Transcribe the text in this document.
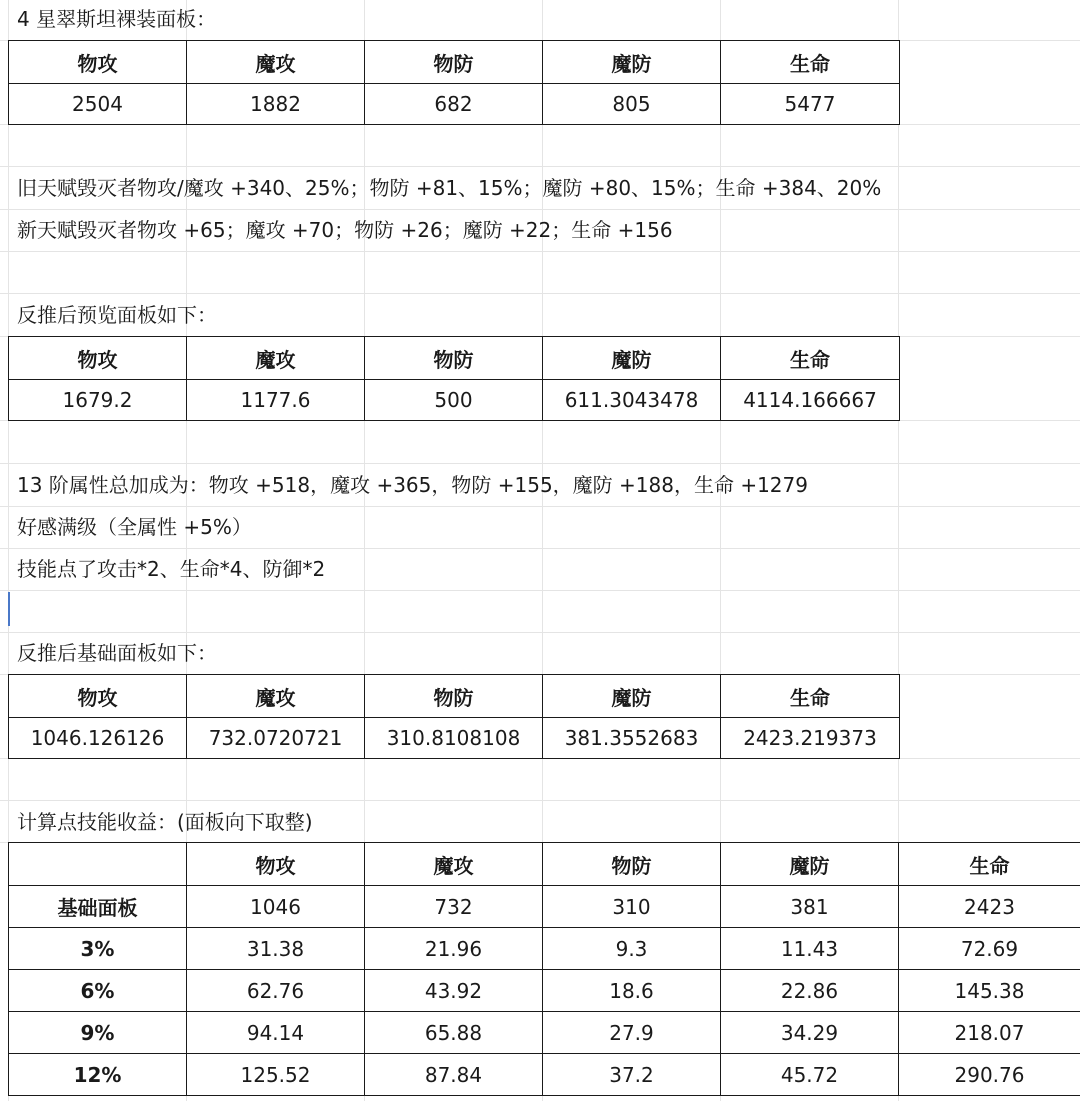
4 星翠斯坦裸装面板：
物攻	魔攻	物防	魔防	生命
2504	1882	682	805	5477
旧天赋毁灭者物攻/魔攻 +340、25%；物防 +81、15%；魔防 +80、15%；生命 +384、20%
新天赋毁灭者物攻 +65；魔攻 +70；物防 +26；魔防 +22；生命 +156
反推后预览面板如下：
物攻	魔攻	物防	魔防	生命
1679.2	1177.6	500	611.3043478	4114.166667
13 阶属性总加成为：物攻 +518，魔攻 +365，物防 +155，魔防 +188，生命 +1279
好感满级（全属性 +5%）
技能点了攻击*2、生命*4、防御*2
反推后基础面板如下：
物攻	魔攻	物防	魔防	生命
1046.126126	732.0720721	310.8108108	381.3552683	2423.219373
计算点技能收益：(面板向下取整)
	物攻	魔攻	物防	魔防	生命
基础面板	1046	732	310	381	2423
3%	31.38	21.96	9.3	11.43	72.69
6%	62.76	43.92	18.6	22.86	145.38
9%	94.14	65.88	27.9	34.29	218.07
12%	125.52	87.84	37.2	45.72	290.76
